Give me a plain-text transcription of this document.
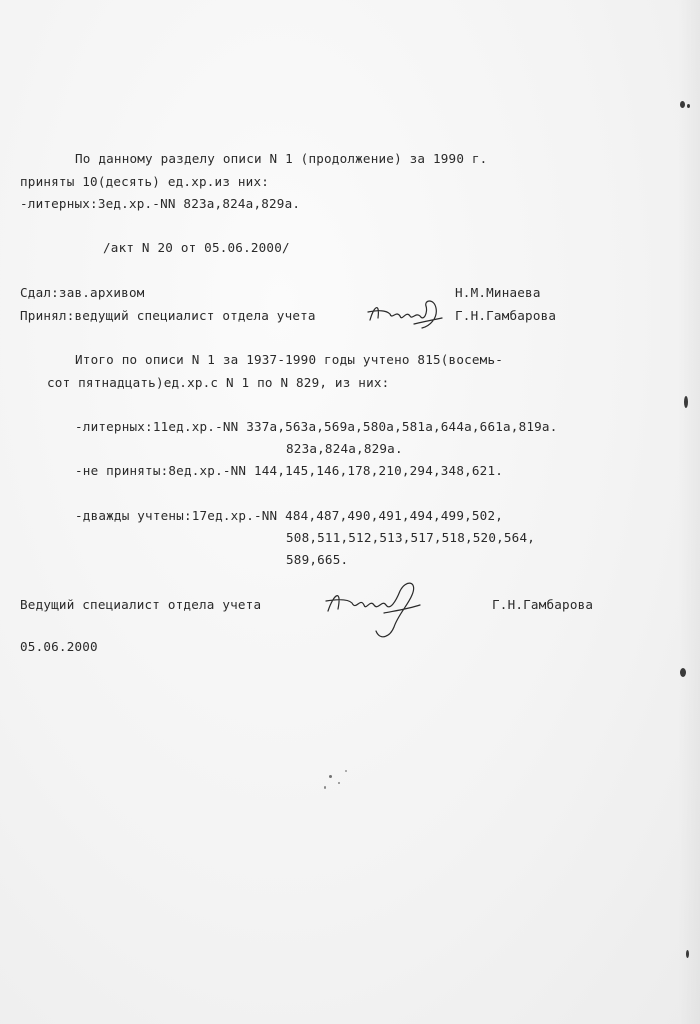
По данному разделу описи N 1 (продолжение) за 1990 г.
приняты 10(десять) ед.хр.из них:
-литерных:3ед.хр.-NN 823а,824а,829а.
/акт N 20 от 05.06.2000/
Сдал:зав.архивом	Н.М.Минаева
Принял:ведущий специалист отдела учета	Г.Н.Гамбарова
Итого по описи N 1 за 1937-1990 годы учтено 815(восемь-
сот пятнадцать)ед.хр.с N 1 по N 829, из них:
-литерных:11ед.хр.-NN 337а,563а,569а,580а,581а,644а,661а,819а.
823а,824а,829а.
-не приняты:8ед.хр.-NN 144,145,146,178,210,294,348,621.
-дважды учтены:17ед.хр.-NN 484,487,490,491,494,499,502,
508,511,512,513,517,518,520,564,
589,665.
Ведущий специалист отдела учета	Г.Н.Гамбарова
05.06.2000
